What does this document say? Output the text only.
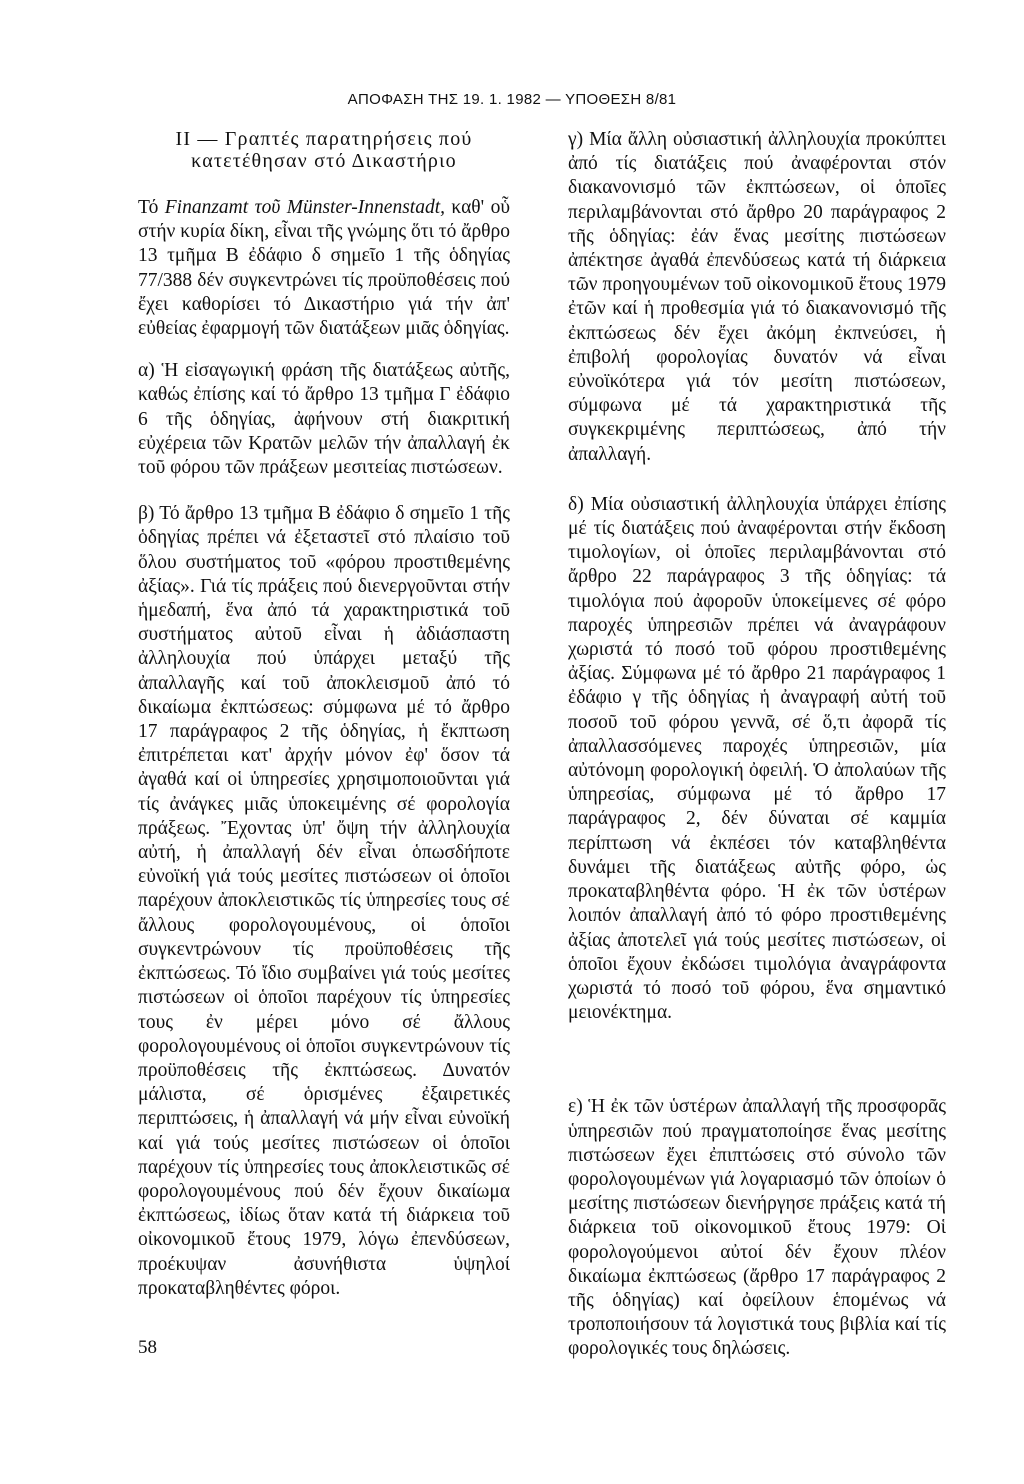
ΑΠΟΦΑΣΗ ΤΗΣ 19. 1. 1982 — ΥΠΟΘΕΣΗ 8/81
II — Γραπτές παρατηρήσεις πού
κατετέθησαν στό Δικαστήριο

Τό Finanzamt τοῦ Münster-Innenstadt, καθ' οὗ στήν κυρία δίκη, εἶναι τῆς γνώμης ὅτι τό ἄρθρο 13 τμῆμα Β ἐδάφιο δ σημεῖο 1 τῆς ὁδηγίας 77/388 δέν συγκεντρώνει τίς προϋποθέσεις πού ἔχει καθορίσει τό Δικαστήριο γιά τήν ἀπ' εὐθείας ἐφαρμογή τῶν διατάξεων μιᾶς ὁδηγίας.

α) Ἡ εἰσαγωγική φράση τῆς διατάξεως αὐτῆς, καθώς ἐπίσης καί τό ἄρθρο 13 τμῆμα Γ ἐδάφιο 6 τῆς ὁδηγίας, ἀφήνουν στή διακριτική εὐχέρεια τῶν Κρατῶν μελῶν τήν ἀπαλλαγή ἐκ τοῦ φόρου τῶν πράξεων μεσιτείας πιστώσεων.

β) Τό ἄρθρο 13 τμῆμα Β ἐδάφιο δ σημεῖο 1 τῆς ὁδηγίας πρέπει νά ἐξεταστεῖ στό πλαίσιο τοῦ ὅλου συστήματος τοῦ «φόρου προστιθεμένης ἀξίας». Γιά τίς πράξεις πού διενεργοῦνται στήν ἡμεδαπή, ἕνα ἀπό τά χαρακτηριστικά τοῦ συστήματος αὐτοῦ εἶναι ἡ ἀδιάσπαστη ἀλληλουχία πού ὑπάρχει μεταξύ τῆς ἀπαλλαγῆς καί τοῦ ἀποκλεισμοῦ ἀπό τό δικαίωμα ἐκπτώσεως: σύμφωνα μέ τό ἄρθρο 17 παράγραφος 2 τῆς ὁδηγίας, ἡ ἔκπτωση ἐπιτρέπεται κατ' ἀρχήν μόνον ἐφ' ὅσον τά ἀγαθά καί οἱ ὑπηρεσίες χρησιμοποιοῦνται γιά τίς ἀνάγκες μιᾶς ὑποκειμένης σέ φορολογία πράξεως. Ἔχοντας ὑπ' ὄψη τήν ἀλληλουχία αὐτή, ἡ ἀπαλλαγή δέν εἶναι ὁπωσδήποτε εὐνοϊκή γιά τούς μεσίτες πιστώσεων οἱ ὁποῖοι παρέχουν ἀποκλειστικῶς τίς ὑπηρεσίες τους σέ ἄλλους φορολογουμένους, οἱ ὁποῖοι συγκεντρώνουν τίς προϋποθέσεις τῆς ἐκπτώσεως. Τό ἴδιο συμβαίνει γιά τούς μεσίτες πιστώσεων οἱ ὁποῖοι παρέχουν τίς ὑπηρεσίες τους ἐν μέρει μόνο σέ ἄλλους φορολογουμένους οἱ ὁποῖοι συγκεντρώνουν τίς προϋποθέσεις τῆς ἐκπτώσεως. Δυνατόν μάλιστα, σέ ὁρισμένες ἐξαιρετικές περιπτώσεις, ἡ ἀπαλλαγή νά μήν εἶναι εὐνοϊκή καί γιά τούς μεσίτες πιστώσεων οἱ ὁποῖοι παρέχουν τίς ὑπηρεσίες τους ἀποκλειστικῶς σέ φορολογουμένους πού δέν ἔχουν δικαίωμα ἐκπτώσεως, ἰδίως ὅταν κατά τή διάρκεια τοῦ οἰκονομικοῦ ἔτους 1979, λόγω ἐπενδύσεων, προέκυψαν ἀσυνήθιστα ὑψηλοί προκαταβληθέντες φόροι.

γ) Μία ἄλλη οὐσιαστική ἀλληλουχία προκύπτει ἀπό τίς διατάξεις πού ἀναφέρονται στόν διακανονισμό τῶν ἐκπτώσεων, οἱ ὁποῖες περιλαμβάνονται στό ἄρθρο 20 παράγραφος 2 τῆς ὁδηγίας: ἐάν ἕνας μεσίτης πιστώσεων ἀπέκτησε ἀγαθά ἐπενδύσεως κατά τή διάρκεια τῶν προηγουμένων τοῦ οἰκονομικοῦ ἔτους 1979 ἐτῶν καί ἡ προθεσμία γιά τό διακανονισμό τῆς ἐκπτώσεως δέν ἔχει ἀκόμη ἐκπνεύσει, ἡ ἐπιβολή φορολογίας δυνατόν νά εἶναι εὐνοϊκότερα γιά τόν μεσίτη πιστώσεων, σύμφωνα μέ τά χαρακτηριστικά τῆς συγκεκριμένης περιπτώσεως, ἀπό τήν ἀπαλλαγή.

δ) Μία οὐσιαστική ἀλληλουχία ὑπάρχει ἐπίσης μέ τίς διατάξεις πού ἀναφέρονται στήν ἔκδοση τιμολογίων, οἱ ὁποῖες περιλαμβάνονται στό ἄρθρο 22 παράγραφος 3 τῆς ὁδηγίας: τά τιμολόγια πού ἀφοροῦν ὑποκείμενες σέ φόρο παροχές ὑπηρεσιῶν πρέπει νά ἀναγράφουν χωριστά τό ποσό τοῦ φόρου προστιθεμένης ἀξίας. Σύμφωνα μέ τό ἄρθρο 21 παράγραφος 1 ἐδάφιο γ τῆς ὁδηγίας ἡ ἀναγραφή αὐτή τοῦ ποσοῦ τοῦ φόρου γεννᾶ, σέ ὅ,τι ἀφορᾶ τίς ἀπαλλασσόμενες παροχές ὑπηρεσιῶν, μία αὐτόνομη φορολογική ὀφειλή. Ὁ ἀπολαύων τῆς ὑπηρεσίας, σύμφωνα μέ τό ἄρθρο 17 παράγραφος 2, δέν δύναται σέ καμμία περίπτωση νά ἐκπέσει τόν καταβληθέντα δυνάμει τῆς διατάξεως αὐτῆς φόρο, ὡς προκαταβληθέντα φόρο. Ἡ ἐκ τῶν ὑστέρων λοιπόν ἀπαλλαγή ἀπό τό φόρο προστιθεμένης ἀξίας ἀποτελεῖ γιά τούς μεσίτες πιστώσεων, οἱ ὁποῖοι ἔχουν ἐκδώσει τιμολόγια ἀναγράφοντα χωριστά τό ποσό τοῦ φόρου, ἕνα σημαντικό μειονέκτημα.

ε) Ἡ ἐκ τῶν ὑστέρων ἀπαλλαγή τῆς προσφορᾶς ὑπηρεσιῶν πού πραγματοποίησε ἕνας μεσίτης πιστώσεων ἔχει ἐπιπτώσεις στό σύνολο τῶν φορολογουμένων γιά λογαριασμό τῶν ὁποίων ὁ μεσίτης πιστώσεων διενήργησε πράξεις κατά τή διάρκεια τοῦ οἰκονομικοῦ ἔτους 1979: Οἱ φορολογούμενοι αὐτοί δέν ἔχουν πλέον δικαίωμα ἐκπτώσεως (ἄρθρο 17 παράγραφος 2 τῆς ὁδηγίας) καί ὀφείλουν ἑπομένως νά τροποποιήσουν τά λογιστικά τους βιβλία καί τίς φορολογικές τους δηλώσεις.

58
